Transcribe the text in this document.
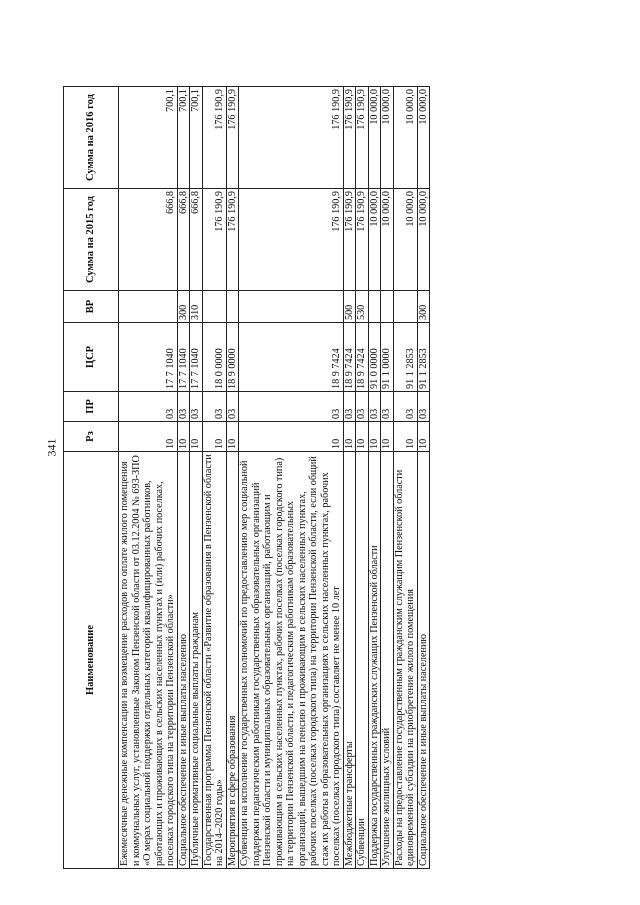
341
Наименование	Рз	ПР	ЦСР	ВР	Сумма на 2015 год	Сумма на 2016 год
Ежемесячные денежные компенсации на возмещение расходов по оплате жилого помещения и коммунальных услуг, установленные Законом Пензенской области от 03.12.2004 № 693-ЗПО «О мерах социальной поддержки отдельных категорий квалифицированных работников, работающих и проживающих в сельских населенных пунктах и (или) рабочих поселках, поселках городского типа на территории Пензенской области»	10	03	17 7 1040		666,8	700,1
Социальное обеспечение и иные выплаты населению	10	03	17 7 1040	300	666,8	700,1
Публичные нормативные социальные выплаты гражданам	10	03	17 7 1040	310	666,8	700,1
Государственная программа Пензенской области «Развитие образования в Пензенской области на 2014–2020 годы»	10	03	18 0 0000		176 190,9	176 190,9
Мероприятия в сфере образования	10	03	18 9 0000		176 190,9	176 190,9
Субвенции на исполнение государственных полномочий по предоставлению мер социальной поддержки педагогическим работникам государственных образовательных организаций Пензенской области и муниципальных образовательных организаций, работающим и проживающим в сельских населенных пунктах, рабочих поселках (поселках городского типа) на территории Пензенской области, и педагогическим работникам образовательных организаций, вышедшим на пенсию и проживающим в сельских населенных пунктах, рабочих поселках (поселках городского типа) на территории Пензенской области, если общий стаж их работы в образовательных организациях в сельских населенных пунктах, рабочих поселках (поселках городского типа) составляет не менее 10 лет	10	03	18 9 7424		176 190,9	176 190,9
Межбюджетные трансферты	10	03	18 9 7424	500	176 190,9	176 190,9
Субвенции	10	03	18 9 7424	530	176 190,9	176 190,9
Поддержка государственных гражданских служащих Пензенской области	10	03	91 0 0000		10 000,0	10 000,0
Улучшение жилищных условий	10	03	91 1 0000		10 000,0	10 000,0
Расходы на предоставление государственным гражданским служащим Пензенской области единовременной субсидии на приобретение жилого помещения	10	03	91 1 2853		10 000,0	10 000,0
Социальное обеспечение и иные выплаты населению	10	03	91 1 2853	300	10 000,0	10 000,0
